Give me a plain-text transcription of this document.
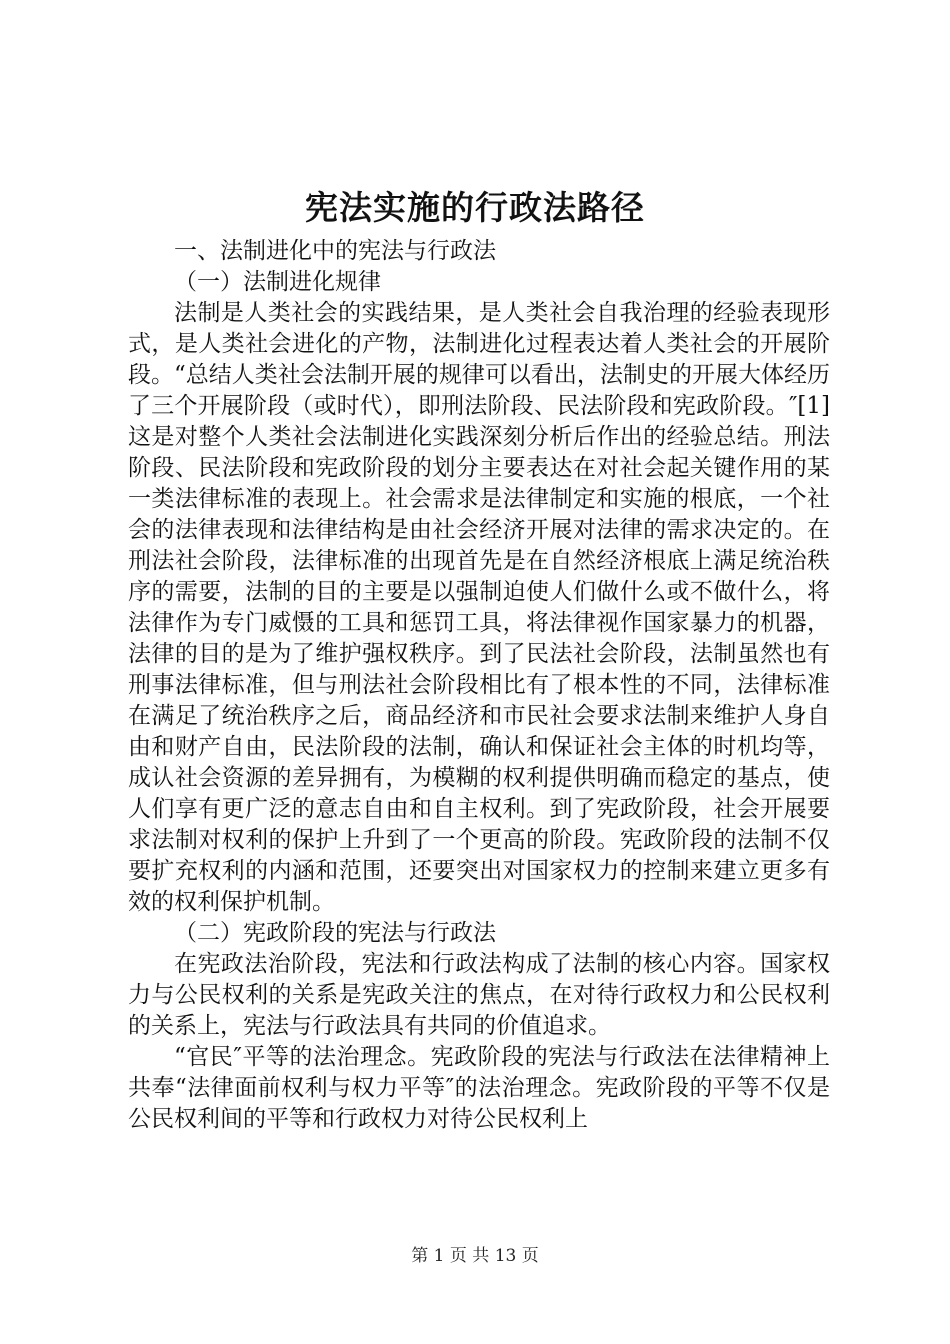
宪法实施的行政法路径

一、法制进化中的宪法与行政法

（一）法制进化规律

法制是人类社会的实践结果，是人类社会自我治理的经验表现形式，是人类社会进化的产物，法制进化过程表达着人类社会的开展阶段。“总结人类社会法制开展的规律可以看出，法制史的开展大体经历了三个开展阶段（或时代），即刑法阶段、民法阶段和宪政阶段。″[1]这是对整个人类社会法制进化实践深刻分析后作出的经验总结。刑法阶段、民法阶段和宪政阶段的划分主要表达在对社会起关键作用的某一类法律标准的表现上。社会需求是法律制定和实施的根底，一个社会的法律表现和法律结构是由社会经济开展对法律的需求决定的。在刑法社会阶段，法律标准的出现首先是在自然经济根底上满足统治秩序的需要，法制的目的主要是以强制迫使人们做什么或不做什么，将法律作为专门威慑的工具和惩罚工具，将法律视作国家暴力的机器，法律的目的是为了维护强权秩序。到了民法社会阶段，法制虽然也有刑事法律标准，但与刑法社会阶段相比有了根本性的不同，法律标准在满足了统治秩序之后，商品经济和市民社会要求法制来维护人身自由和财产自由，民法阶段的法制，确认和保证社会主体的时机均等，成认社会资源的差异拥有，为模糊的权利提供明确而稳定的基点，使人们享有更广泛的意志自由和自主权利。到了宪政阶段，社会开展要求法制对权利的保护上升到了一个更高的阶段。宪政阶段的法制不仅要扩充权利的内涵和范围，还要突出对国家权力的控制来建立更多有效的权利保护机制。

（二）宪政阶段的宪法与行政法

在宪政法治阶段，宪法和行政法构成了法制的核心内容。国家权力与公民权利的关系是宪政关注的焦点，在对待行政权力和公民权利的关系上，宪法与行政法具有共同的价值追求。

“官民″平等的法治理念。宪政阶段的宪法与行政法在法律精神上共奉“法律面前权利与权力平等″的法治理念。宪政阶段的平等不仅是公民权利间的平等和行政权力对待公民权利上

第 1 页 共 13 页
